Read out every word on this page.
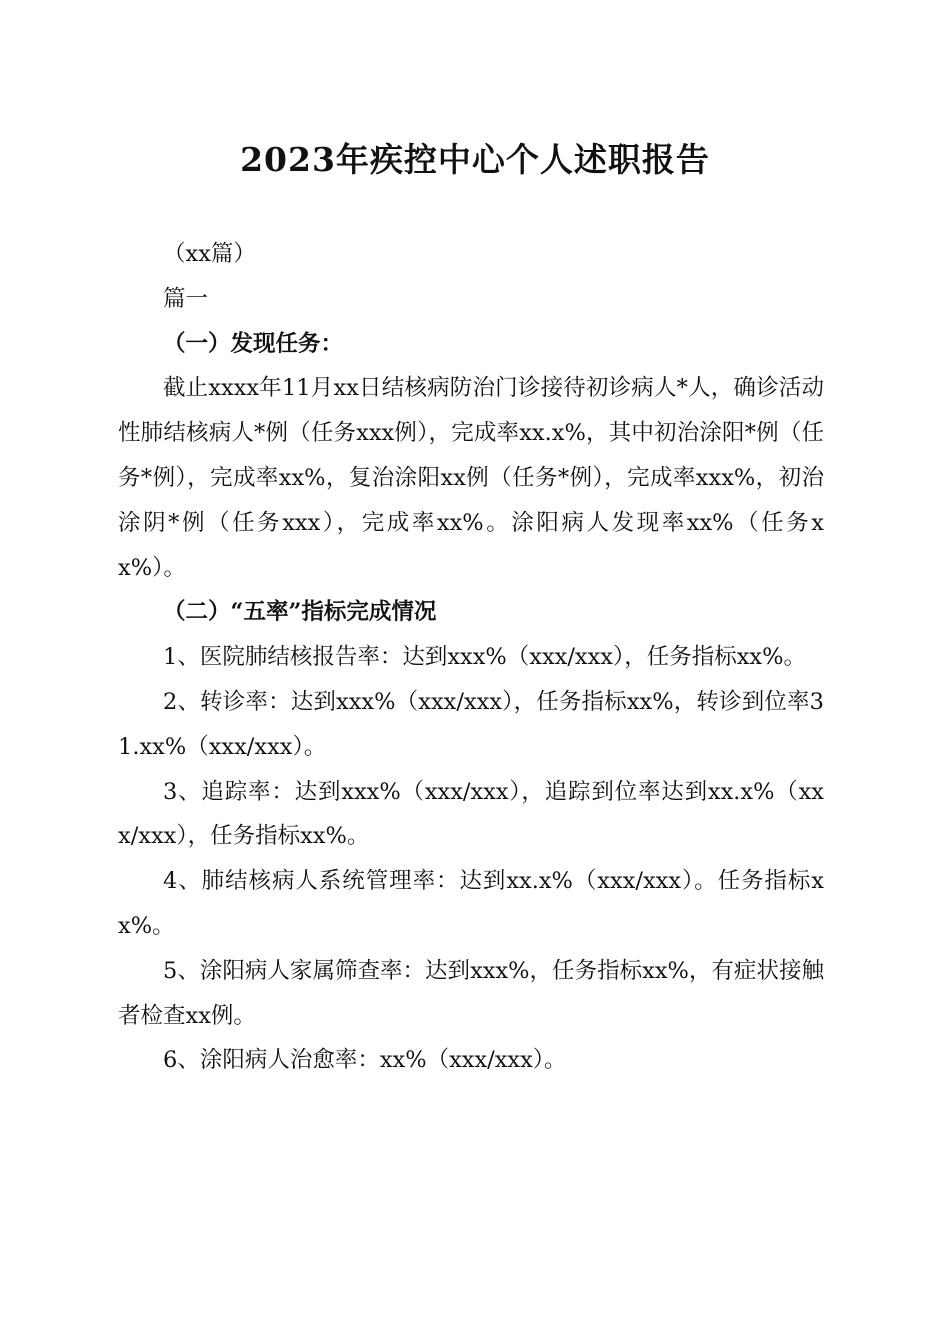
2023年疾控中心个人述职报告

（xx篇）

篇一

（一）发现任务：

截止xxxx年11月xx日结核病防治门诊接待初诊病人*人，确诊活动性肺结核病人*例（任务xxx例），完成率xx.x%，其中初治涂阳*例（任务*例），完成率xx%，复治涂阳xx例（任务*例），完成率xxx%，初治涂阴*例（任务xxx），完成率xx%。涂阳病人发现率xx%（任务xx%）。

（二）“五率”指标完成情况

1、医院肺结核报告率：达到xxx%（xxx/xxx），任务指标xx%。

2、转诊率：达到xxx%（xxx/xxx），任务指标xx%，转诊到位率31.xx%（xxx/xxx）。

3、追踪率：达到xxx%（xxx/xxx），追踪到位率达到xx.x%（xxx/xxx），任务指标xx%。

4、肺结核病人系统管理率：达到xx.x%（xxx/xxx）。任务指标xx%。

5、涂阳病人家属筛查率：达到xxx%，任务指标xx%，有症状接触者检查xx例。

6、涂阳病人治愈率：xx%（xxx/xxx）。
